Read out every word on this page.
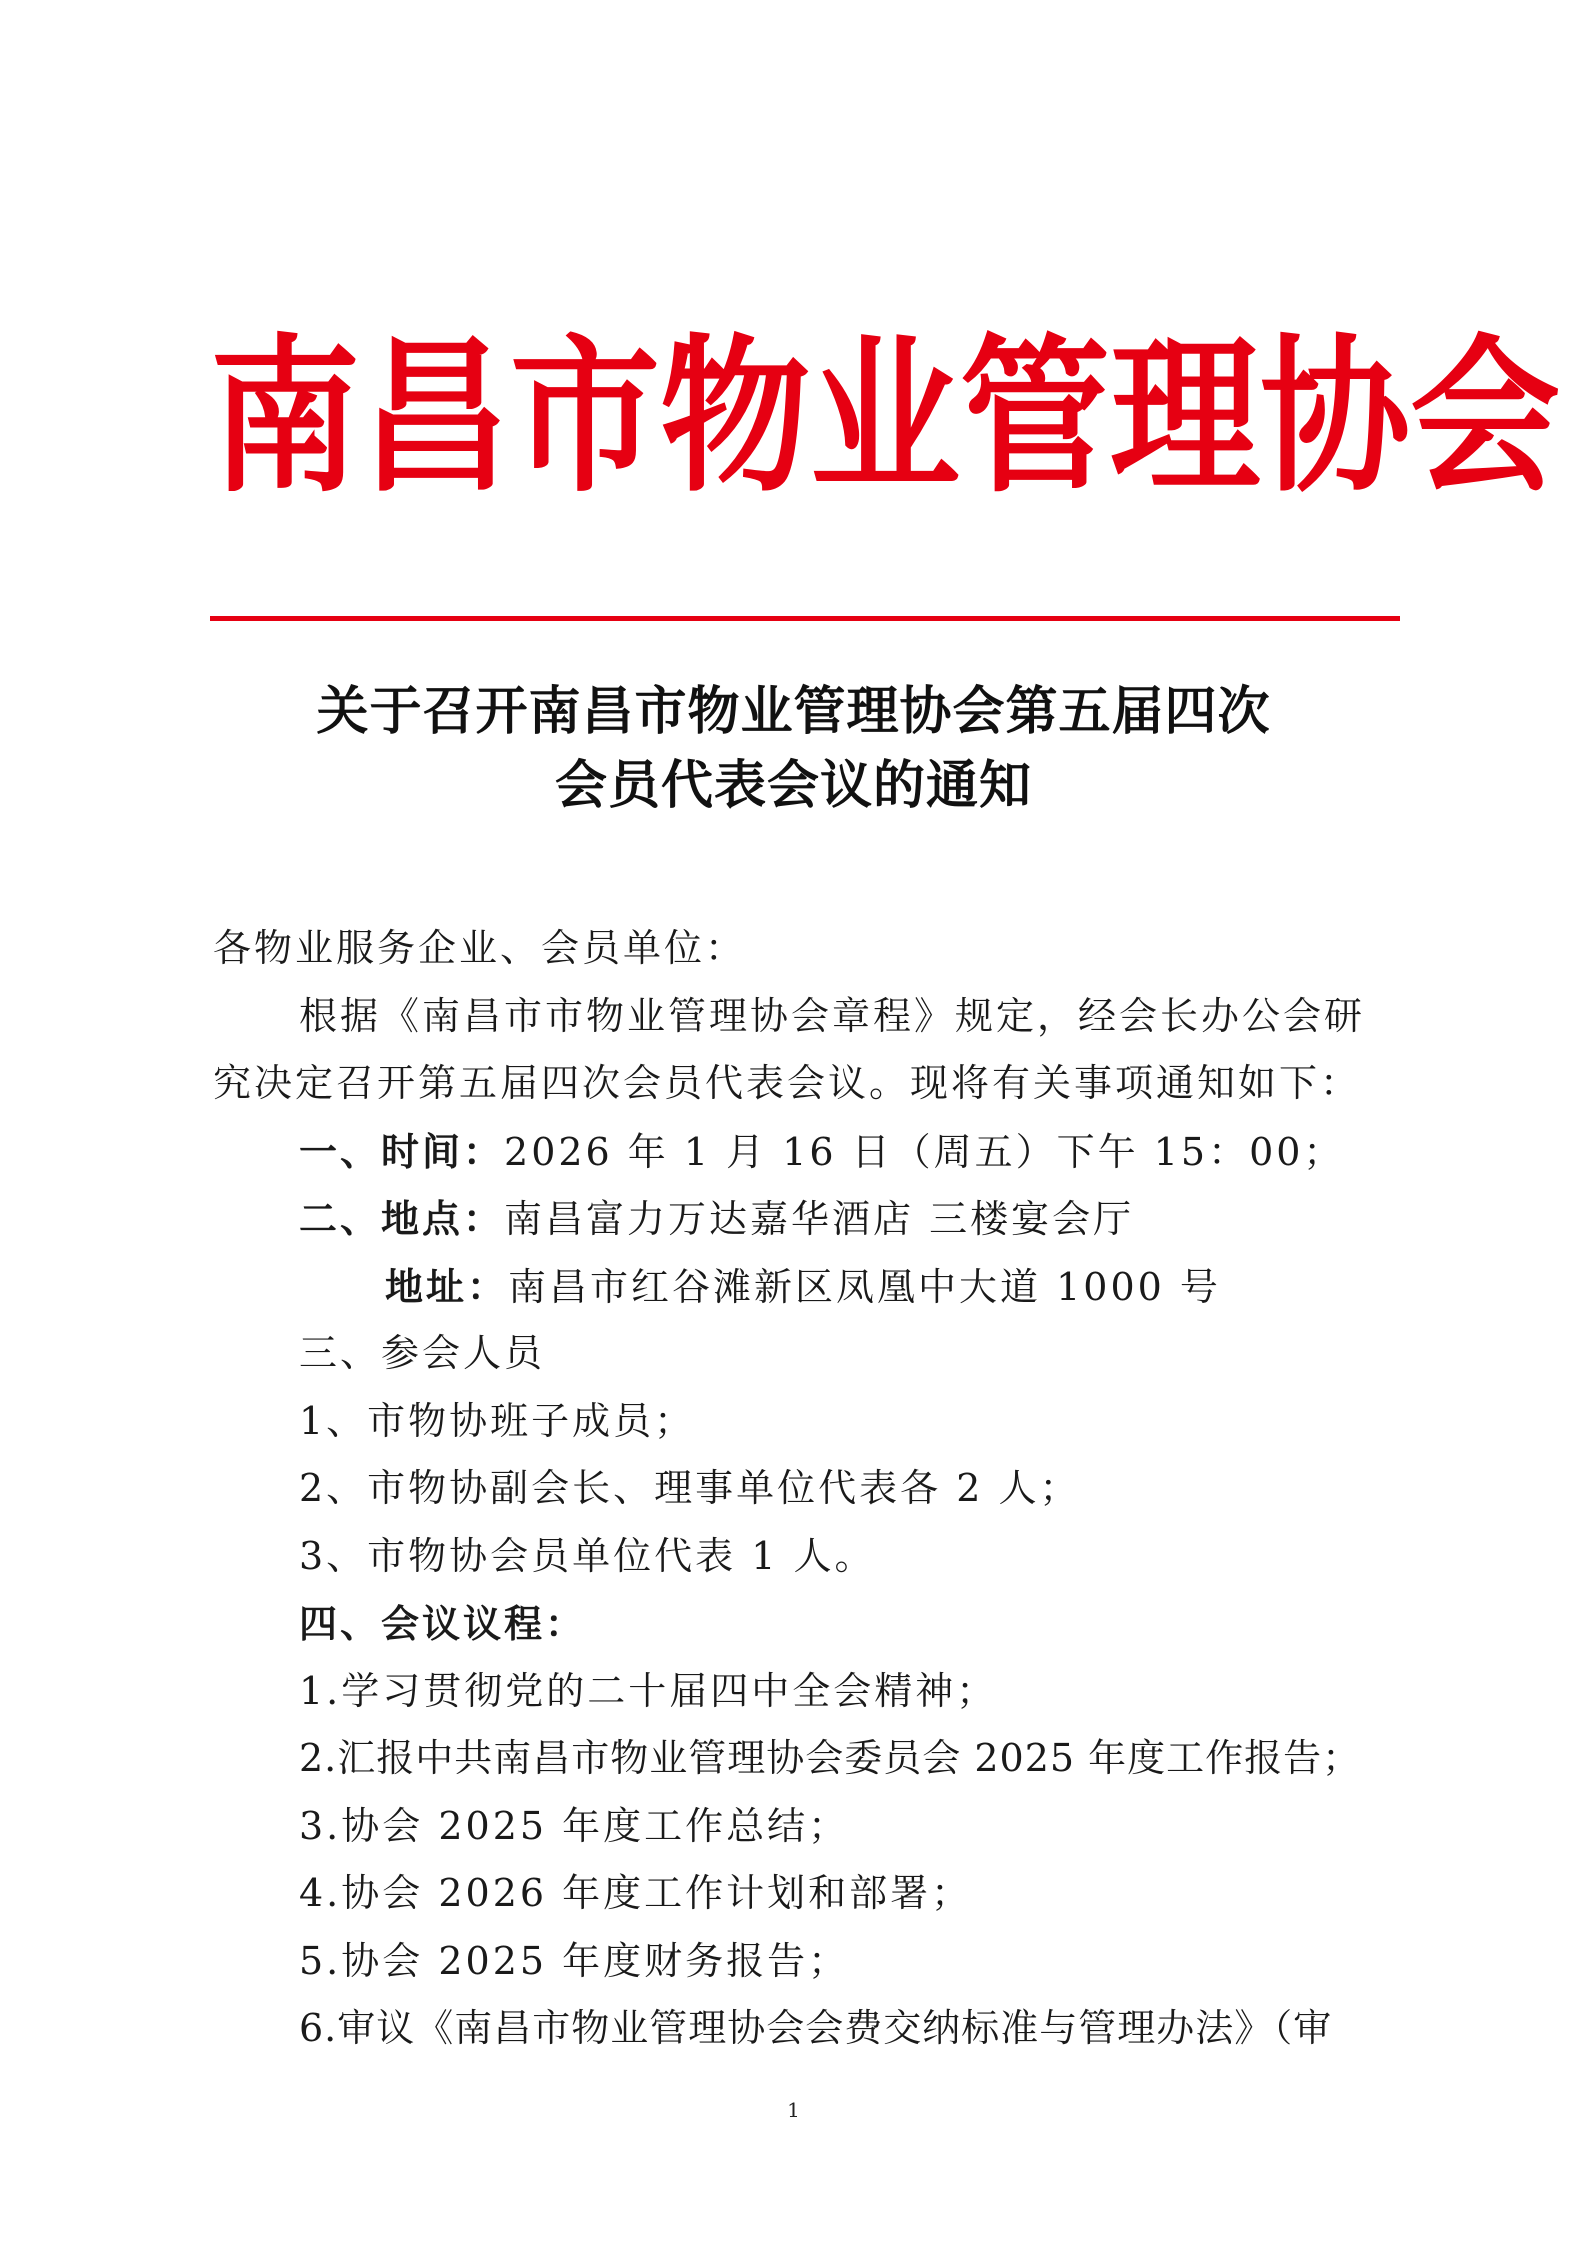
南 昌 市 物 业 管 理 协 会
关于召开南昌市物业管理协会第五届四次
会员代表会议的通知
各物业服务企业、会员单位：
根据《南昌市市物业管理协会章程》规定，经会长办公会研
究决定召开第五届四次会员代表会议。现将有关事项通知如下：
一、时间：2026 年 1 月 16 日（周五）下午 15：00；
二、地点：南昌富力万达嘉华酒店 三楼宴会厅
地址：南昌市红谷滩新区凤凰中大道 1000 号
三、参会人员
1、市物协班子成员；
2、市物协副会长、理事单位代表各 2 人；
3、市物协会员单位代表 1 人。
四、会议议程：
1.学习贯彻党的二十届四中全会精神；
2.汇报中共南昌市物业管理协会委员会 2025 年度工作报告；
3.协会 2025 年度工作总结；
4.协会 2026 年度工作计划和部署；
5.协会 2025 年度财务报告；
6.审议《南昌市物业管理协会会费交纳标准与管理办法》（审
1
